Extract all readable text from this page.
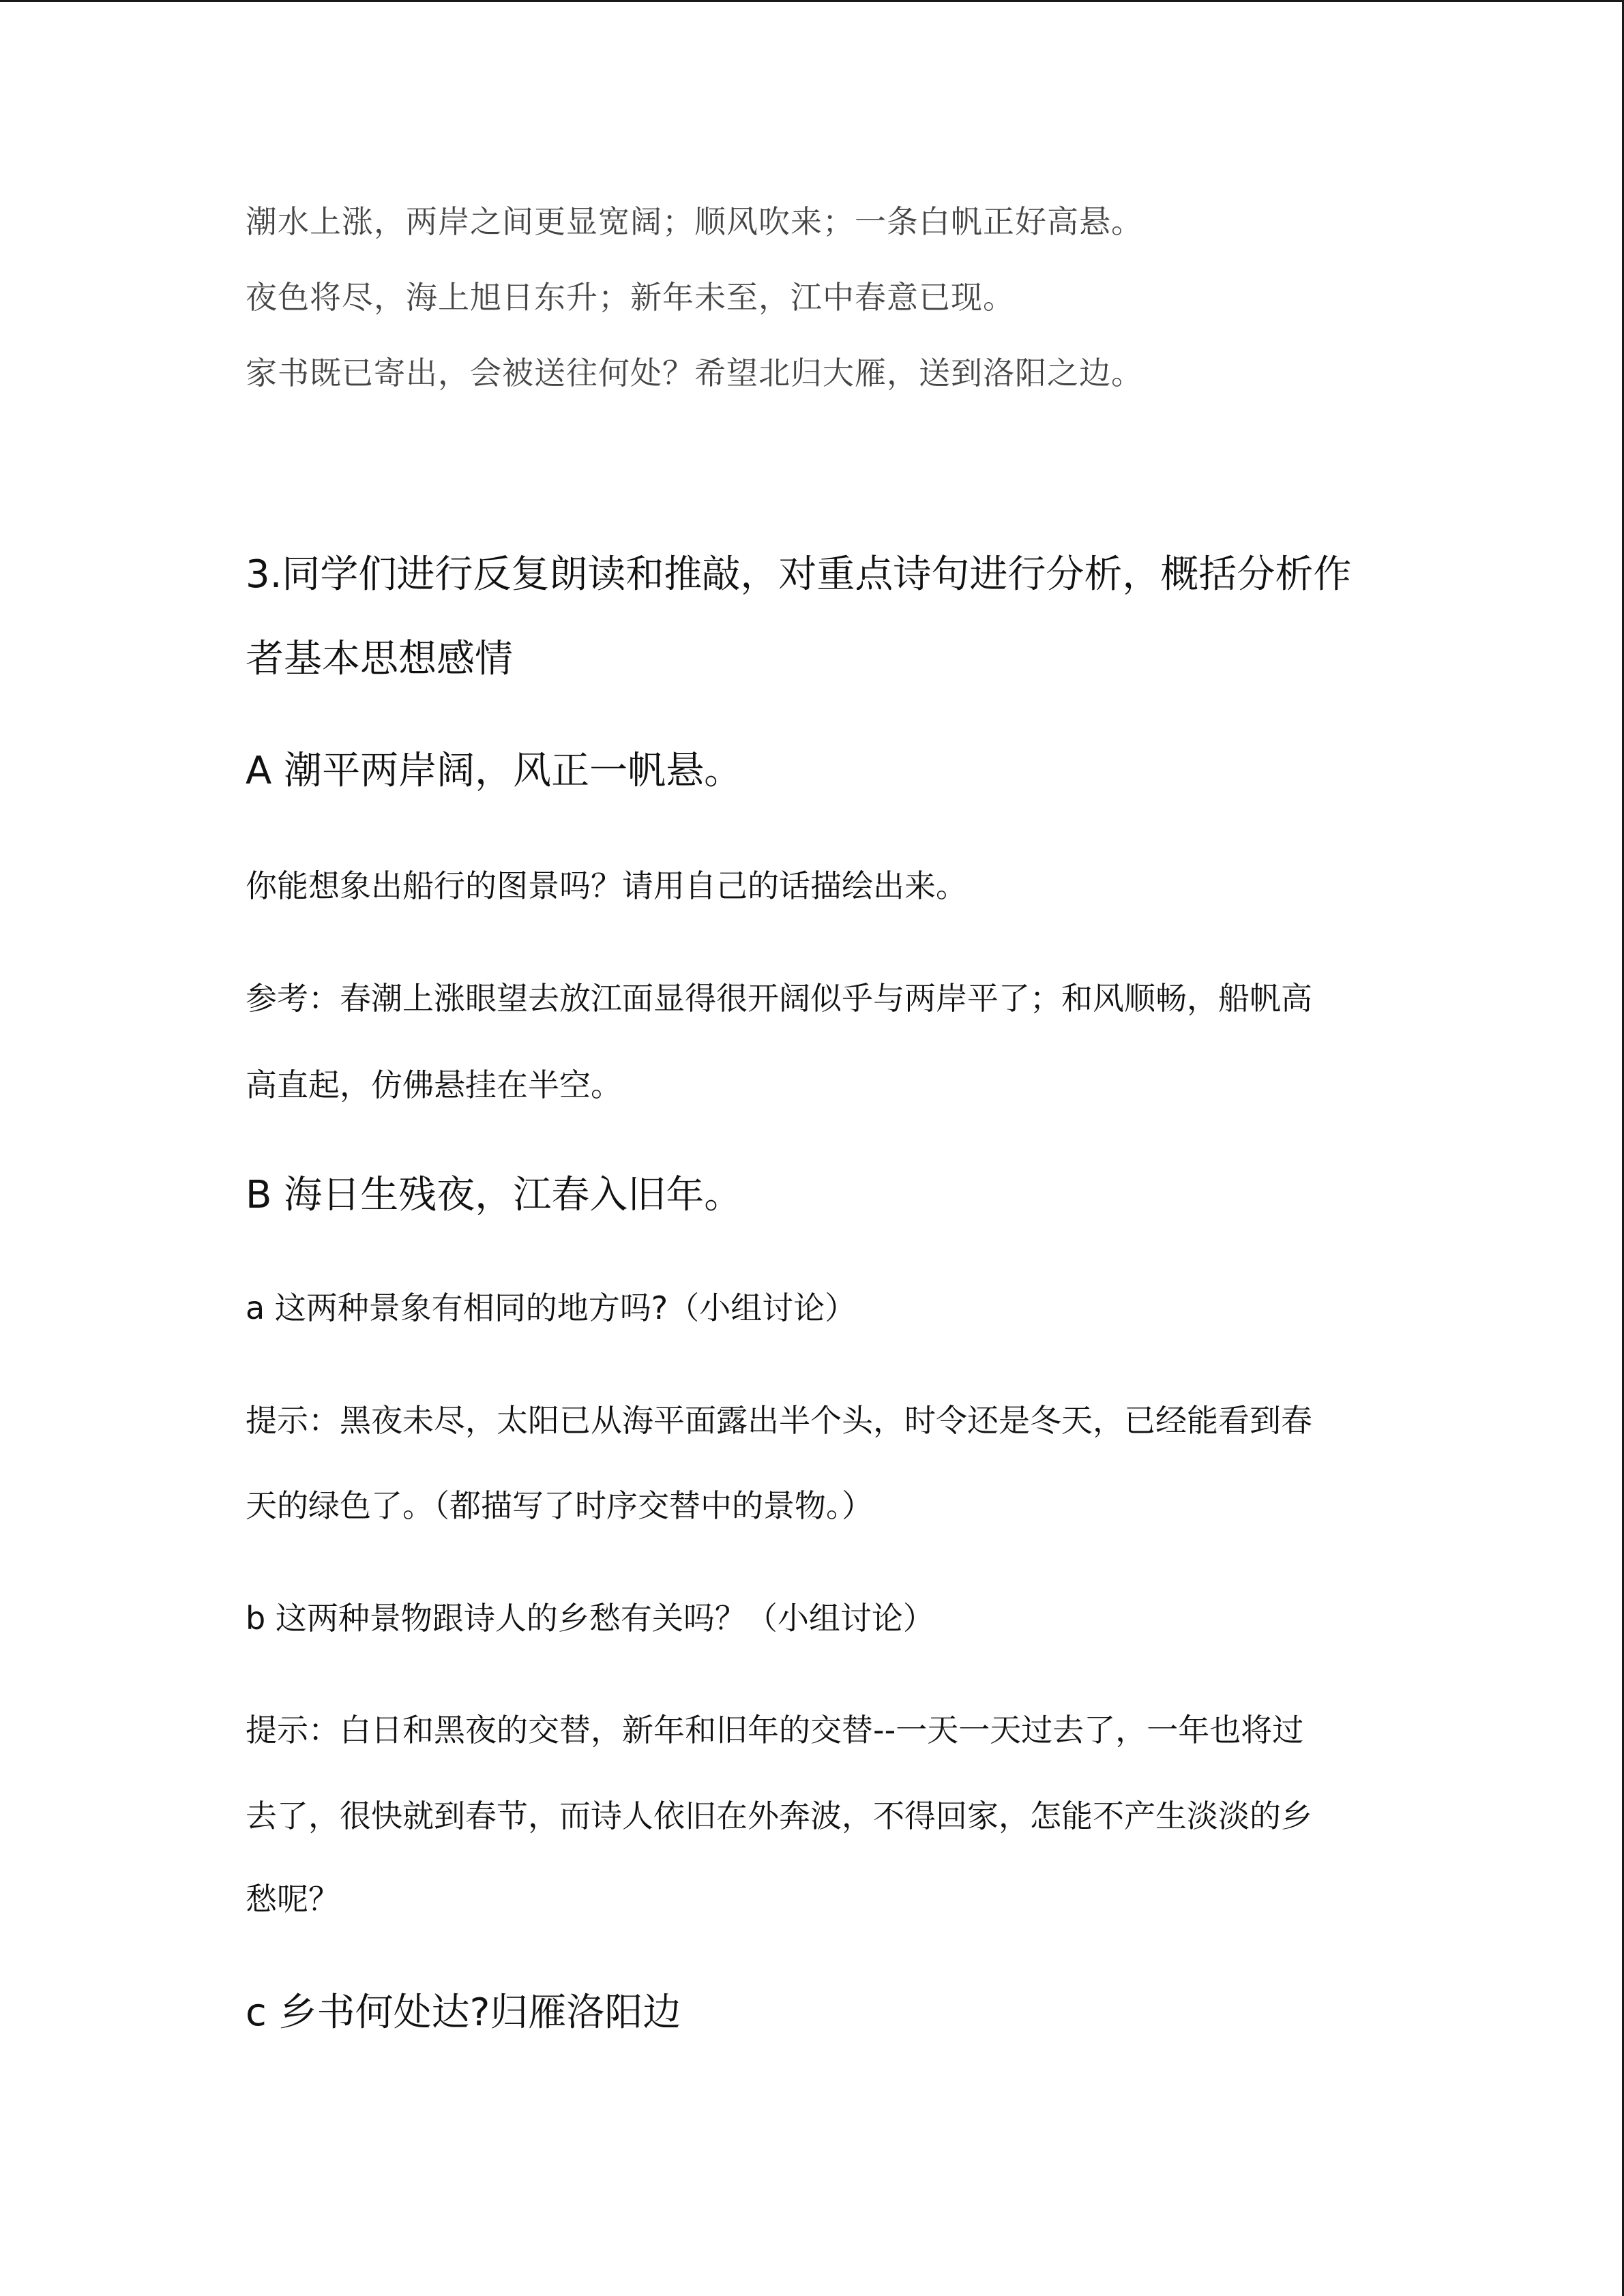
潮水上涨，两岸之间更显宽阔；顺风吹来；一条白帆正好高悬。
夜色将尽，海上旭日东升；新年未至，江中春意已现。
家书既已寄出，会被送往何处？希望北归大雁，送到洛阳之边。
3.同学们进行反复朗读和推敲，对重点诗句进行分析，概括分析作
者基本思想感情
A 潮平两岸阔，风正一帆悬。
你能想象出船行的图景吗？请用自己的话描绘出来。
参考：春潮上涨眼望去放江面显得很开阔似乎与两岸平了；和风顺畅，船帆高
高直起，仿佛悬挂在半空。
B 海日生残夜，江春入旧年。
a 这两种景象有相同的地方吗?（小组讨论）
提示：黑夜未尽，太阳已从海平面露出半个头，时令还是冬天，已经能看到春
天的绿色了。（都描写了时序交替中的景物。）
b 这两种景物跟诗人的乡愁有关吗？（小组讨论）
提示：白日和黑夜的交替，新年和旧年的交替--一天一天过去了，一年也将过
去了，很快就到春节，而诗人依旧在外奔波，不得回家，怎能不产生淡淡的乡
愁呢？
c 乡书何处达?归雁洛阳边
